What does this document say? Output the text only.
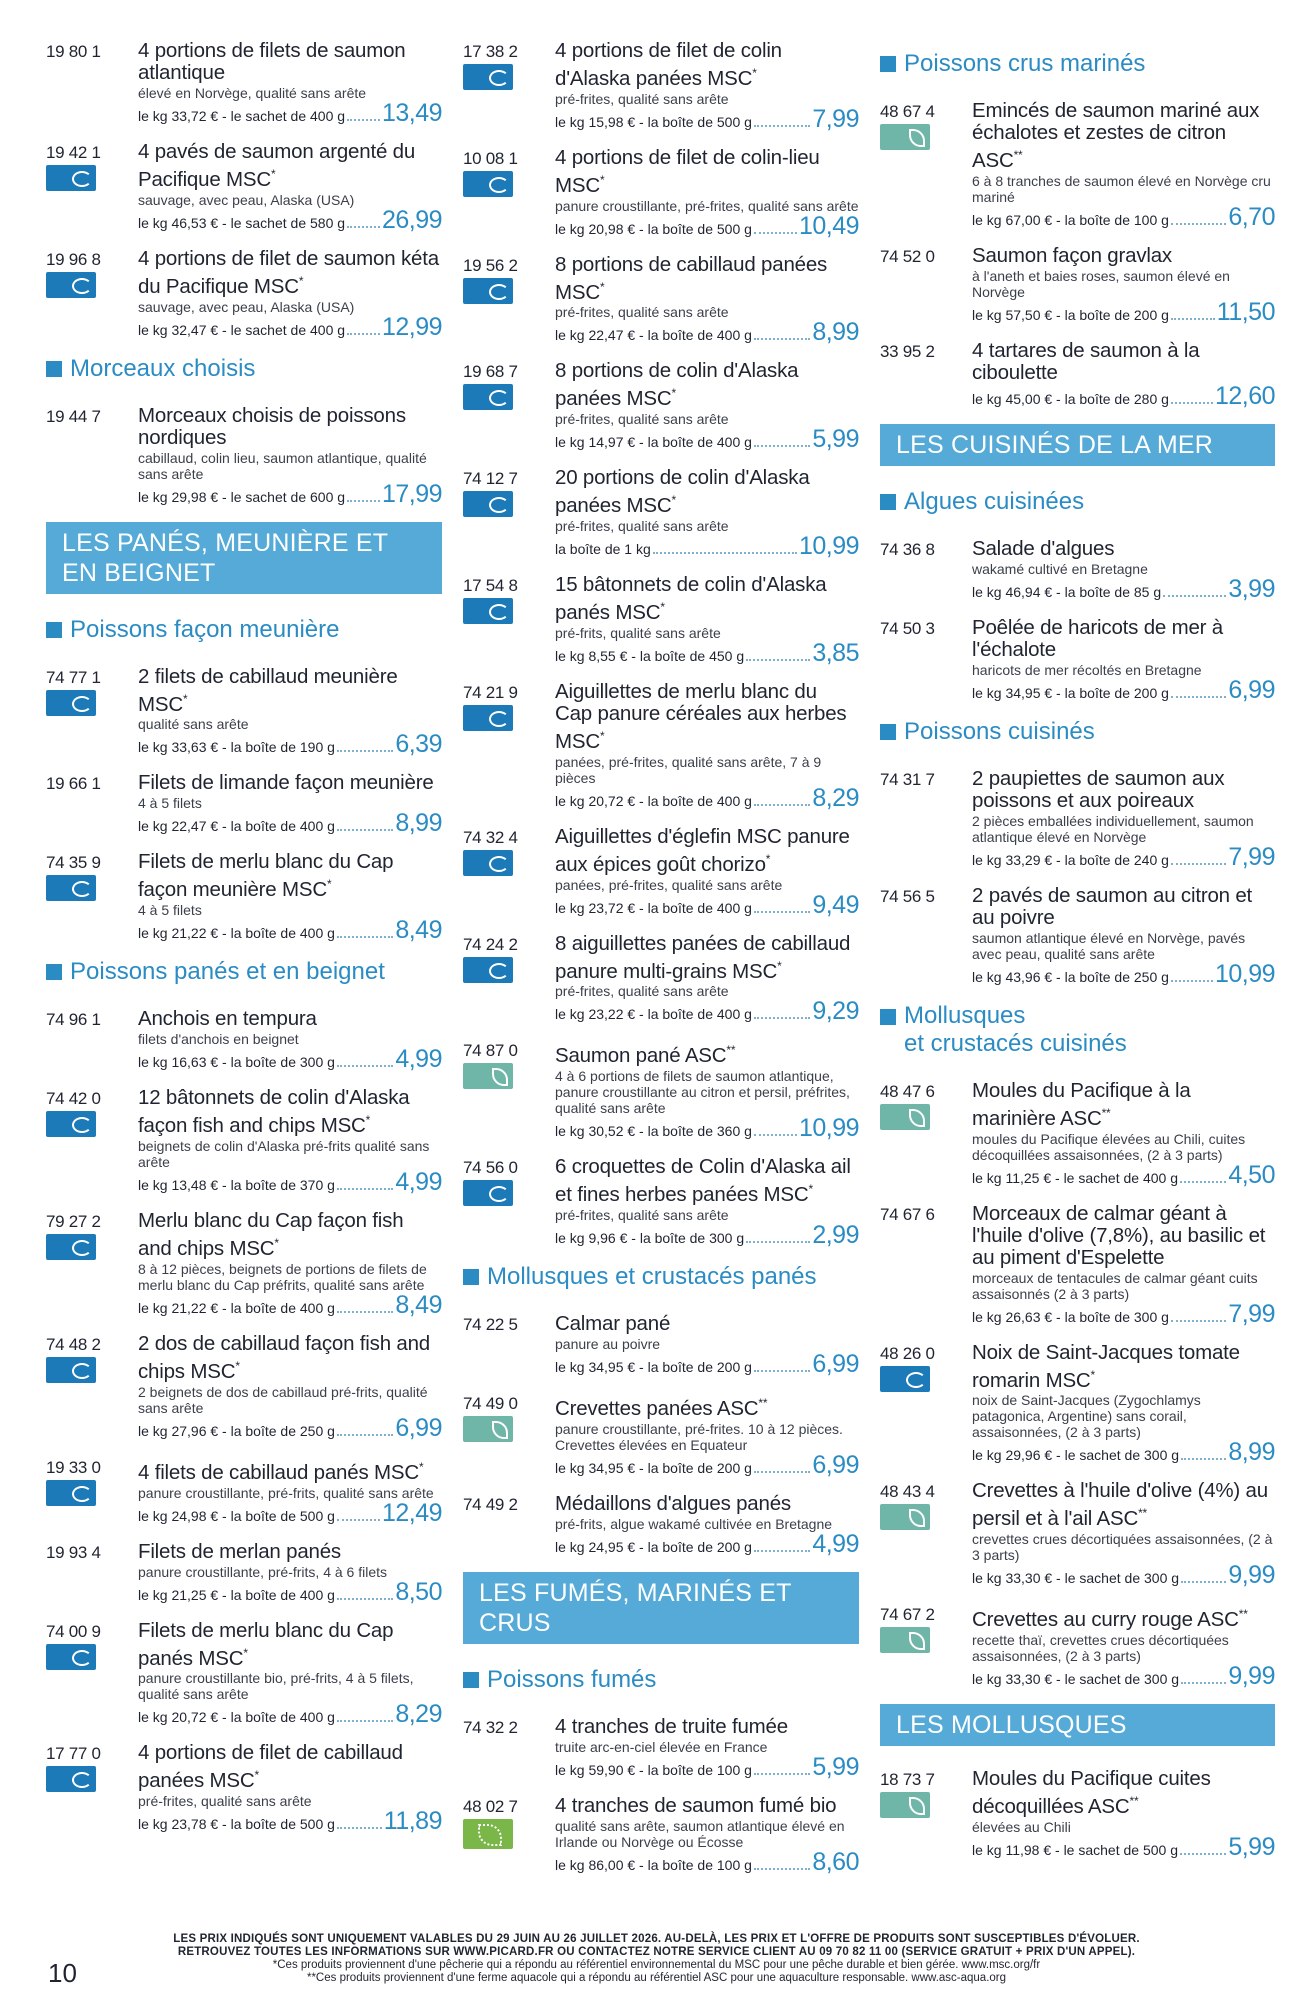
19 80 1 4 portions de filets de saumon atlantique
élevé en Norvège, qualité sans arête
le kg 33,72 € - le sachet de 400 g 13,49
19 42 1 4 pavés de saumon argenté du Pacifique MSC*
sauvage, avec peau, Alaska (USA)
le kg 46,53 € - le sachet de 580 g 26,99
19 96 8 4 portions de filet de saumon kéta du Pacifique MSC*
sauvage, avec peau, Alaska (USA)
le kg 32,47 € - le sachet de 400 g 12,99
Morceaux choisis
19 44 7 Morceaux choisis de poissons nordiques
cabillaud, colin lieu, saumon atlantique, qualité sans arête
le kg 29,98 € - le sachet de 600 g 17,99
LES PANÉS, MEUNIÈRE ET EN BEIGNET
Poissons façon meunière
74 77 1 2 filets de cabillaud meunière MSC*
qualité sans arête
le kg 33,63 € - la boîte de 190 g 6,39
19 66 1 Filets de limande façon meunière
4 à 5 filets
le kg 22,47 € - la boîte de 400 g 8,99
74 35 9 Filets de merlu blanc du Cap façon meunière MSC*
4 à 5 filets
le kg 21,22 € - la boîte de 400 g 8,49
Poissons panés et en beignet
74 96 1 Anchois en tempura
filets d'anchois en beignet
le kg 16,63 € - la boîte de 300 g 4,99
74 42 0 12 bâtonnets de colin d'Alaska façon fish and chips MSC*
beignets de colin d'Alaska pré-frits qualité sans arête
le kg 13,48 € - la boîte de 370 g 4,99
79 27 2 Merlu blanc du Cap façon fish and chips MSC*
8 à 12 pièces, beignets de portions de filets de merlu blanc du Cap préfrits, qualité sans arête
le kg 21,22 € - la boîte de 400 g 8,49
74 48 2 2 dos de cabillaud façon fish and chips MSC*
2 beignets de dos de cabillaud pré-frits, qualité sans arête
le kg 27,96 € - la boîte de 250 g 6,99
19 33 0 4 filets de cabillaud panés MSC*
panure croustillante, pré-frits, qualité sans arête
le kg 24,98 € - la boîte de 500 g 12,49
19 93 4 Filets de merlan panés
panure croustillante, pré-frits, 4 à 6 filets
le kg 21,25 € - la boîte de 400 g 8,50
74 00 9 Filets de merlu blanc du Cap panés MSC*
panure croustillante bio, pré-frits, 4 à 5 filets, qualité sans arête
le kg 20,72 € - la boîte de 400 g 8,29
17 77 0 4 portions de filet de cabillaud panées MSC*
pré-frites, qualité sans arête
le kg 23,78 € - la boîte de 500 g 11,89
17 38 2 4 portions de filet de colin d'Alaska panées MSC*
pré-frites, qualité sans arête
le kg 15,98 € - la boîte de 500 g 7,99
10 08 1 4 portions de filet de colin-lieu MSC*
panure croustillante, pré-frites, qualité sans arête
le kg 20,98 € - la boîte de 500 g 10,49
19 56 2 8 portions de cabillaud panées MSC*
pré-frites, qualité sans arête
le kg 22,47 € - la boîte de 400 g 8,99
19 68 7 8 portions de colin d'Alaska panées MSC*
pré-frites, qualité sans arête
le kg 14,97 € - la boîte de 400 g 5,99
74 12 7 20 portions de colin d'Alaska panées MSC*
pré-frites, qualité sans arête
la boîte de 1 kg	10,99
17 54 8 15 bâtonnets de colin d'Alaska panés MSC*
pré-frits, qualité sans arête
le kg 8,55 € - la boîte de 450 g	3,85
74 21 9 Aiguillettes de merlu blanc du Cap panure céréales aux herbes MSC*
panées, pré-frites, qualité sans arête, 7 à 9 pièces
le kg 20,72 € - la boîte de 400 g 8,29
74 32 4 Aiguillettes d'églefin MSC panure aux épices goût chorizo*
panées, pré-frites, qualité sans arête
le kg 23,72 € - la boîte de 400 g 9,49
74 24 2 8 aiguillettes panées de cabillaud panure multi-grains MSC*
pré-frites, qualité sans arête
le kg 23,22 € - la boîte de 400 g 9,29
74 87 0 Saumon pané ASC**
4 à 6 portions de filets de saumon atlantique, panure croustillante au citron et persil, préfrites, qualité sans arête
le kg 30,52 € - la boîte de 360 g 10,99
74 56 0 6 croquettes de Colin d'Alaska ail et fines herbes panées MSC*
pré-frites, qualité sans arête
le kg 9,96 € - la boîte de 300 g	2,99
Mollusques et crustacés panés
74 22 5 Calmar pané
panure au poivre
le kg 34,95 € - la boîte de 200 g 6,99
74 49 0 Crevettes panées ASC**
panure croustillante, pré-frites. 10 à 12 pièces. Crevettes élevées en Equateur
le kg 34,95 € - la boîte de 200 g 6,99
74 49 2 Médaillons d'algues panés
pré-frits, algue wakamé cultivée en Bretagne
le kg 24,95 € - la boîte de 200 g 4,99
LES FUMÉS, MARINÉS ET CRUS
Poissons fumés
74 32 2 4 tranches de truite fumée
truite arc-en-ciel élevée en France
le kg 59,90 € - la boîte de 100 g 5,99
48 02 7 4 tranches de saumon fumé bio
qualité sans arête, saumon atlantique élevé en Irlande ou Norvège ou Écosse
le kg 86,00 € - la boîte de 100 g 8,60
Poissons crus marinés
48 67 4 Emincés de saumon mariné aux échalotes et zestes de citron ASC**
6 à 8 tranches de saumon élevé en Norvège cru mariné
le kg 67,00 € - la boîte de 100 g 6,70
74 52 0 Saumon façon gravlax
à l'aneth et baies roses, saumon élevé en Norvège
le kg 57,50 € - la boîte de 200 g 11,50
33 95 2 4 tartares de saumon à la ciboulette
le kg 45,00 € - la boîte de 280 g 12,60
LES CUISINÉS DE LA MER
Algues cuisinées
74 36 8 Salade d'algues
wakamé cultivé en Bretagne
le kg 46,94 € - la boîte de 85 g	3,99
74 50 3 Poêlée de haricots de mer à l'échalote
haricots de mer récoltés en Bretagne
le kg 34,95 € - la boîte de 200 g 6,99
Poissons cuisinés
74 31 7 2 paupiettes de saumon aux poissons et aux poireaux
2 pièces emballées individuellement, saumon atlantique élevé en Norvège
le kg 33,29 € - la boîte de 240 g 7,99
74 56 5 2 pavés de saumon au citron et au poivre
saumon atlantique élevé en Norvège, pavés avec peau, qualité sans arête
le kg 43,96 € - la boîte de 250 g 10,99
Mollusques
et crustacés cuisinés
48 47 6 Moules du Pacifique à la marinière ASC**
moules du Pacifique élevées au Chili, cuites décoquillées assaisonnées, (2 à 3 parts)
le kg 11,25 € - le sachet de 400 g 4,50
74 67 6 Morceaux de calmar géant à l'huile d'olive (7,8%), au basilic et au piment d'Espelette
morceaux de tentacules de calmar géant cuits assaisonnés (2 à 3 parts)
le kg 26,63 € - la boîte de 300 g 7,99
48 26 0 Noix de Saint-Jacques tomate romarin MSC*
noix de Saint-Jacques (Zygochlamys patagonica, Argentine) sans corail, assaisonnées, (2 à 3 parts)
le kg 29,96 € - le sachet de 300 g 8,99
48 43 4 Crevettes à l'huile d'olive (4%) au persil et à l'ail ASC**
crevettes crues décortiquées assaisonnées, (2 à 3 parts)
le kg 33,30 € - le sachet de 300 g 9,99
74 67 2 Crevettes au curry rouge ASC**
recette thaï, crevettes crues décortiquées assaisonnées, (2 à 3 parts)
le kg 33,30 € - le sachet de 300 g 9,99
LES MOLLUSQUES
18 73 7 Moules du Pacifique cuites décoquillées ASC**
élevées au Chili
le kg 11,98 € - le sachet de 500 g 5,99
LES PRIX INDIQUÉS SONT UNIQUEMENT VALABLES DU 29 JUIN AU 26 JUILLET 2026. AU-DELÀ, LES PRIX ET L'OFFRE DE PRODUITS SONT SUSCEPTIBLES D'ÉVOLUER.
RETROUVEZ TOUTES LES INFORMATIONS SUR WWW.PICARD.FR OU CONTACTEZ NOTRE SERVICE CLIENT AU 09 70 82 11 00 (SERVICE GRATUIT + PRIX D'UN APPEL).
*Ces produits proviennent d'une pêcherie qui a répondu au référentiel environnemental du MSC pour une pêche durable et bien gérée. www.msc.org/fr
**Ces produits proviennent d'une ferme aquacole qui a répondu au référentiel ASC pour une aquaculture responsable. www.asc-aqua.org
10
